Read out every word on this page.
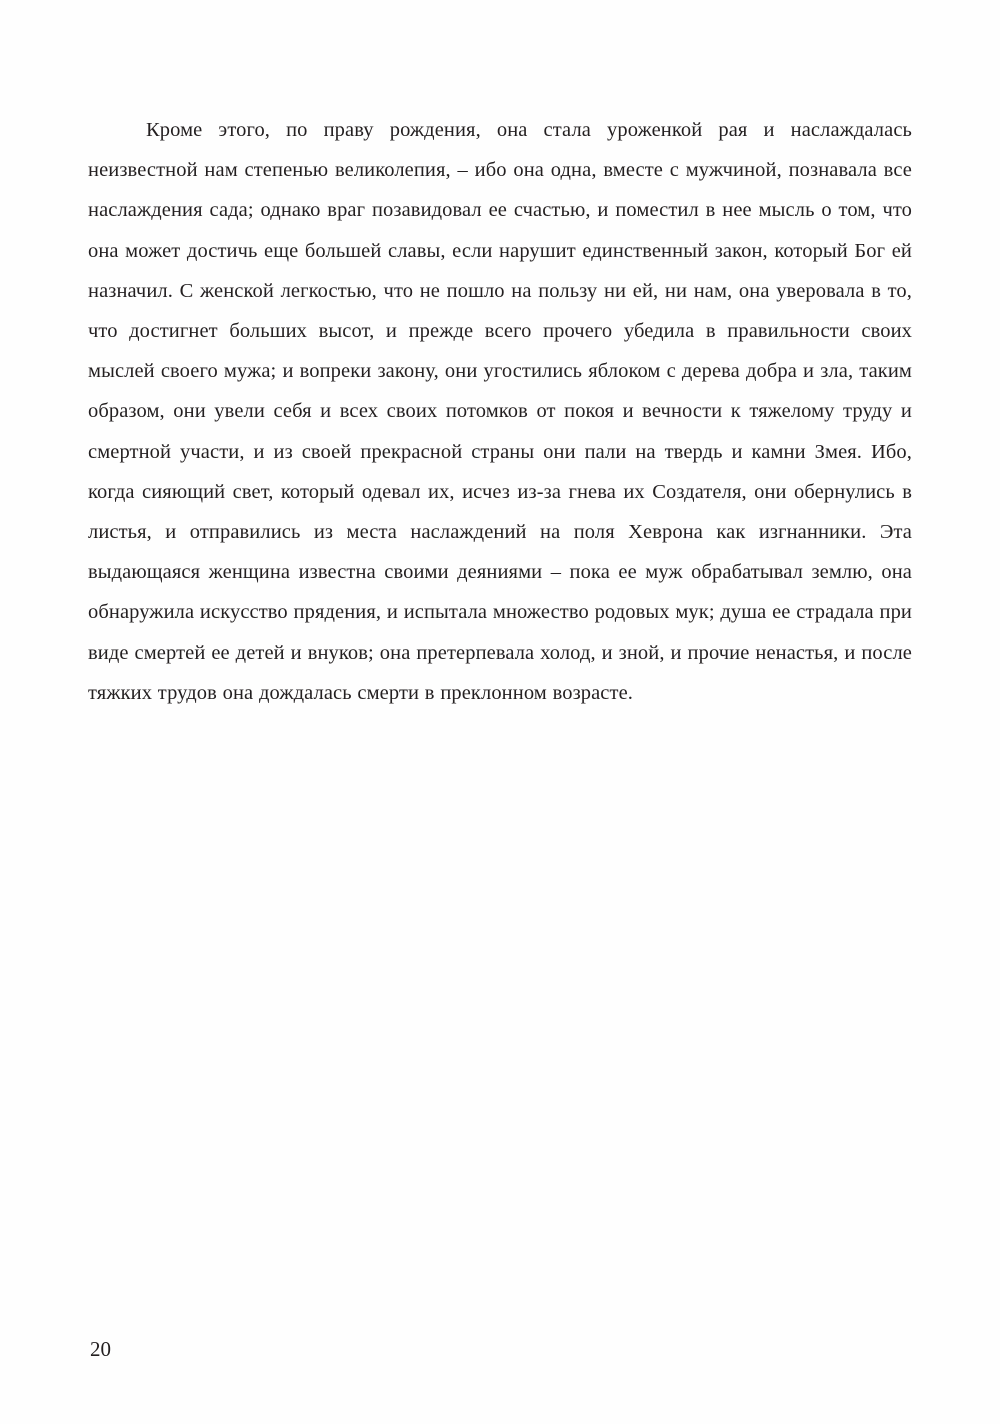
Кроме этого, по праву рождения, она стала уроженкой рая и наслаждалась неизвестной нам степенью великолепия, – ибо она одна, вместе с мужчиной, познавала все наслаждения сада; однако враг позавидовал ее счастью, и поместил в нее мысль о том, что она может достичь еще большей славы, если нарушит единственный закон, который Бог ей назначил. С женской легкостью, что не пошло на пользу ни ей, ни нам, она уверовала в то, что достигнет больших высот, и прежде всего прочего убедила в правильности своих мыслей своего мужа; и вопреки закону, они угостились яблоком с дерева добра и зла, таким образом, они увели себя и всех своих потомков от покоя и вечности к тяжелому труду и смертной участи, и из своей прекрасной страны они пали на твердь и камни Змея. Ибо, когда сияющий свет, который одевал их, исчез из-за гнева их Создателя, они обернулись в листья, и отправились из места наслаждений на поля Хеврона как изгнанники. Эта выдающаяся женщина известна своими деяниями – пока ее муж обрабатывал землю, она обнаружила искусство прядения, и испытала множество родовых мук; душа ее страдала при виде смертей ее детей и внуков; она претерпевала холод, и зной, и прочие ненастья, и после тяжких трудов она дождалась смерти в преклонном возрасте.

20
